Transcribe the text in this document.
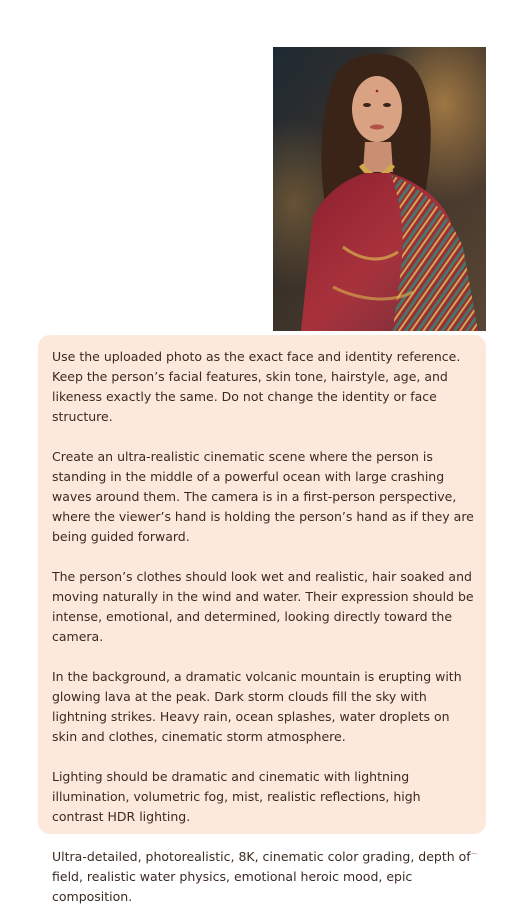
Use the uploaded photo as the exact face and identity reference. Keep the person’s facial features, skin tone, hairstyle, age, and likeness exactly the same. Do not change the identity or face structure.

Create an ultra-realistic cinematic scene where the person is standing in the middle of a powerful ocean with large crashing waves around them. The camera is in a first-person perspective, where the viewer’s hand is holding the person’s hand as if they are being guided forward.

The person’s clothes should look wet and realistic, hair soaked and moving naturally in the wind and water. Their expression should be intense, emotional, and determined, looking directly toward the camera.

In the background, a dramatic volcanic mountain is erupting with glowing lava at the peak. Dark storm clouds fill the sky with lightning strikes. Heavy rain, ocean splashes, water droplets on skin and clothes, cinematic storm atmosphere.

Lighting should be dramatic and cinematic with lightning illumination, volumetric fog, mist, realistic reflections, high contrast HDR lighting.

Ultra-detailed, photorealistic, 8K, cinematic color grading, depth of field, realistic water physics, emotional heroic mood, epic composition.
